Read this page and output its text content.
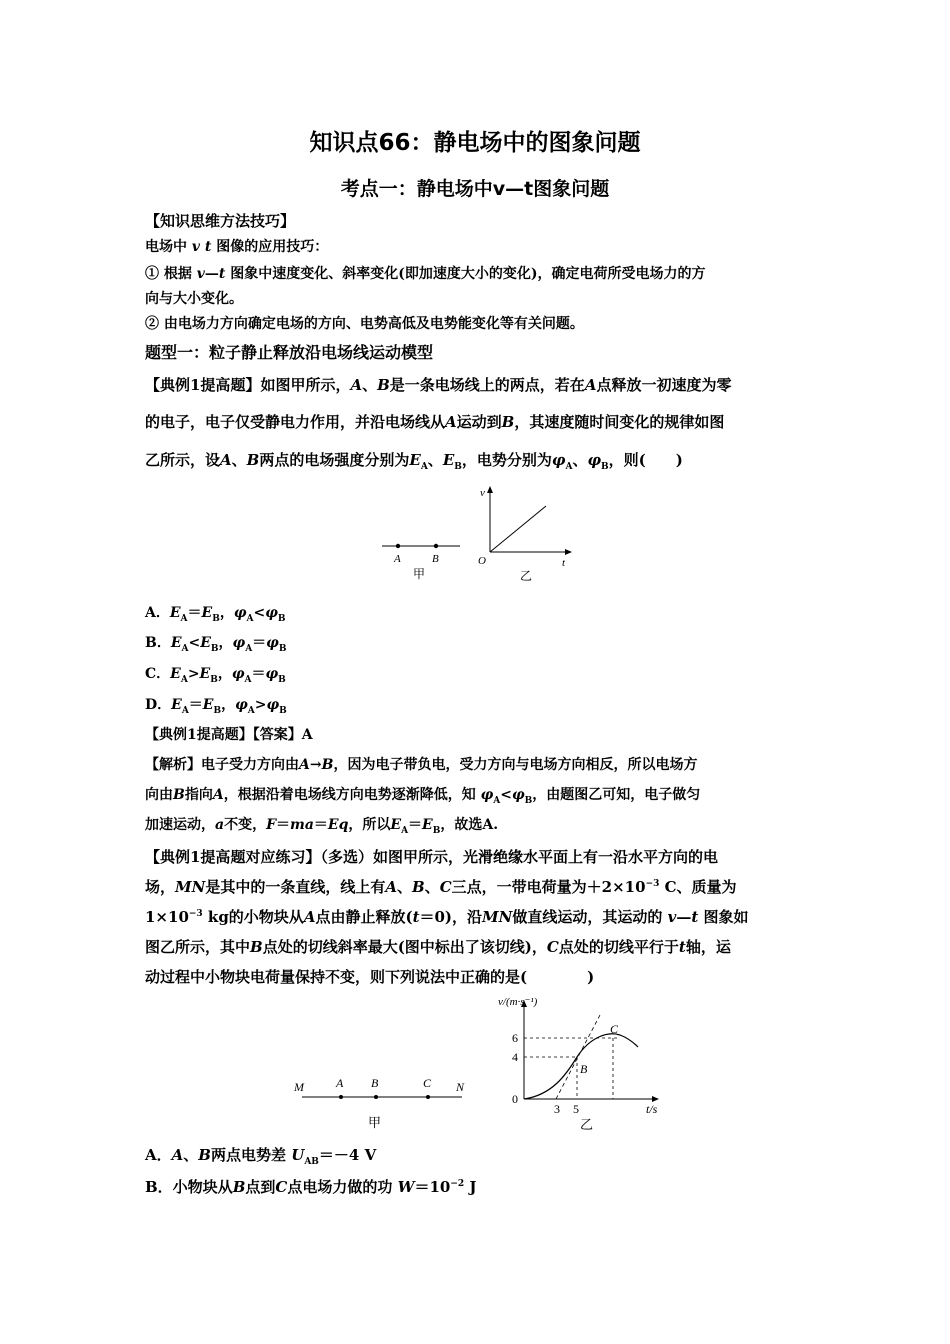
知识点66：静电场中的图象问题
考点一：静电场中v—t图象问题
【知识思维方法技巧】
电场中 v t 图像的应用技巧：
① 根据 v—t 图象中速度变化、斜率变化(即加速度大小的变化)，确定电荷所受电场力的方
向与大小变化。
② 由电场力方向确定电场的方向、电势高低及电势能变化等有关问题。
题型一：粒子静止释放沿电场线运动模型
【典例1提高题】如图甲所示，A、B是一条电场线上的两点，若在A点释放一初速度为零
的电子，电子仅受静电力作用，并沿电场线从A运动到B，其速度随时间变化的规律如图
乙所示，设A、B两点的电场强度分别为$E_A$、$E_B$，电势分别为$\varphi_A$、$\varphi_B$，则(　　)
A	B
甲
v
t
O
乙
A．$E_A=E_B$，$\varphi_A<\varphi_B$
B．$E_A<E_B$，$\varphi_A=\varphi_B$
C．$E_A>E_B$，$\varphi_A=\varphi_B$
D．$E_A=E_B$，$\varphi_A>\varphi_B$
【典例1提高题】【答案】A
【解析】电子受力方向由A→B，因为电子带负电，受力方向与电场方向相反，所以电场方
向由B指向A，根据沿着电场线方向电势逐渐降低，知 $\varphi_A<\varphi_B$，由题图乙可知，电子做匀
加速运动，a不变，F＝ma＝Eq，所以$E_A=E_B$，故选A.
【典例1提高题对应练习】（多选）如图甲所示，光滑绝缘水平面上有一沿水平方向的电
场，MN是其中的一条直线，线上有A、B、C三点，一带电荷量为$+2\times 10^{-3}$ C、质量为
$1\times 10^{-3}$ kg的小物块从A点由静止释放(t＝0)，沿MN做直线运动，其运动的 v—t 图象如
图乙所示，其中B点处的切线斜率最大(图中标出了该切线)，C点处的切线平行于t轴，运
动过程中小物块电荷量保持不变，则下列说法中正确的是(　　　　)
M	A B	C N
甲
v/(m·s⁻¹)
t/s
6
4
0
3 5
B
C
乙
A．A、B两点电势差 $U_{AB}=-4$ V
B．小物块从B点到C点电场力做的功 $W=10^{-2}$ J
